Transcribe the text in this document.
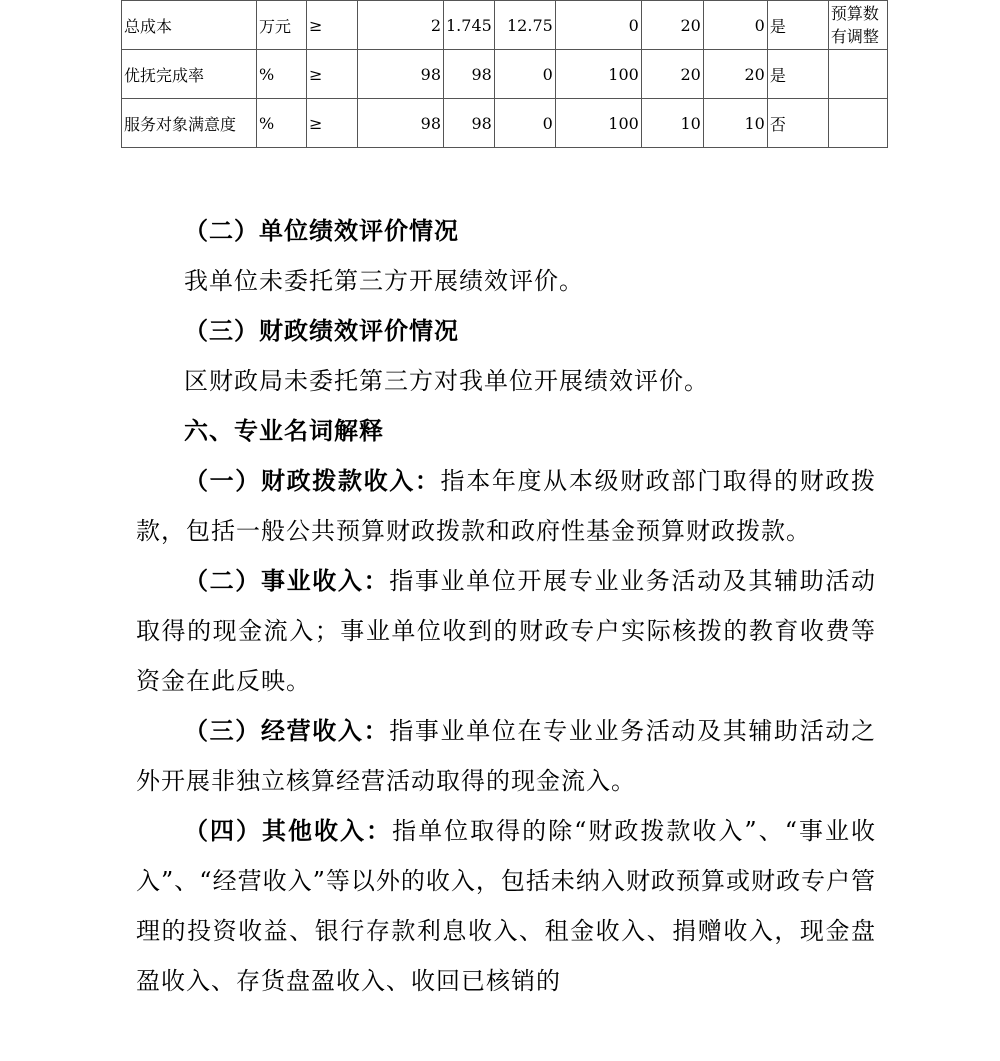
总成本	万元	≥	2	1.745	12.75	0	20	0	是	预算数有调整
优抚完成率	%	≥	98	98	0	100	20	20	是	
服务对象满意度	%	≥	98	98	0	100	10	10	否	

（二）单位绩效评价情况

我单位未委托第三方开展绩效评价。

（三）财政绩效评价情况

区财政局未委托第三方对我单位开展绩效评价。

六、专业名词解释

（一）财政拨款收入：指本年度从本级财政部门取得的财政拨款，包括一般公共预算财政拨款和政府性基金预算财政拨款。

（二）事业收入：指事业单位开展专业业务活动及其辅助活动取得的现金流入；事业单位收到的财政专户实际核拨的教育收费等资金在此反映。

（三）经营收入：指事业单位在专业业务活动及其辅助活动之外开展非独立核算经营活动取得的现金流入。

（四）其他收入：指单位取得的除“财政拨款收入”、“事业收入”、“经营收入”等以外的收入，包括未纳入财政预算或财政专户管理的投资收益、银行存款利息收入、租金收入、捐赠收入，现金盘盈收入、存货盘盈收入、收回已核销的
